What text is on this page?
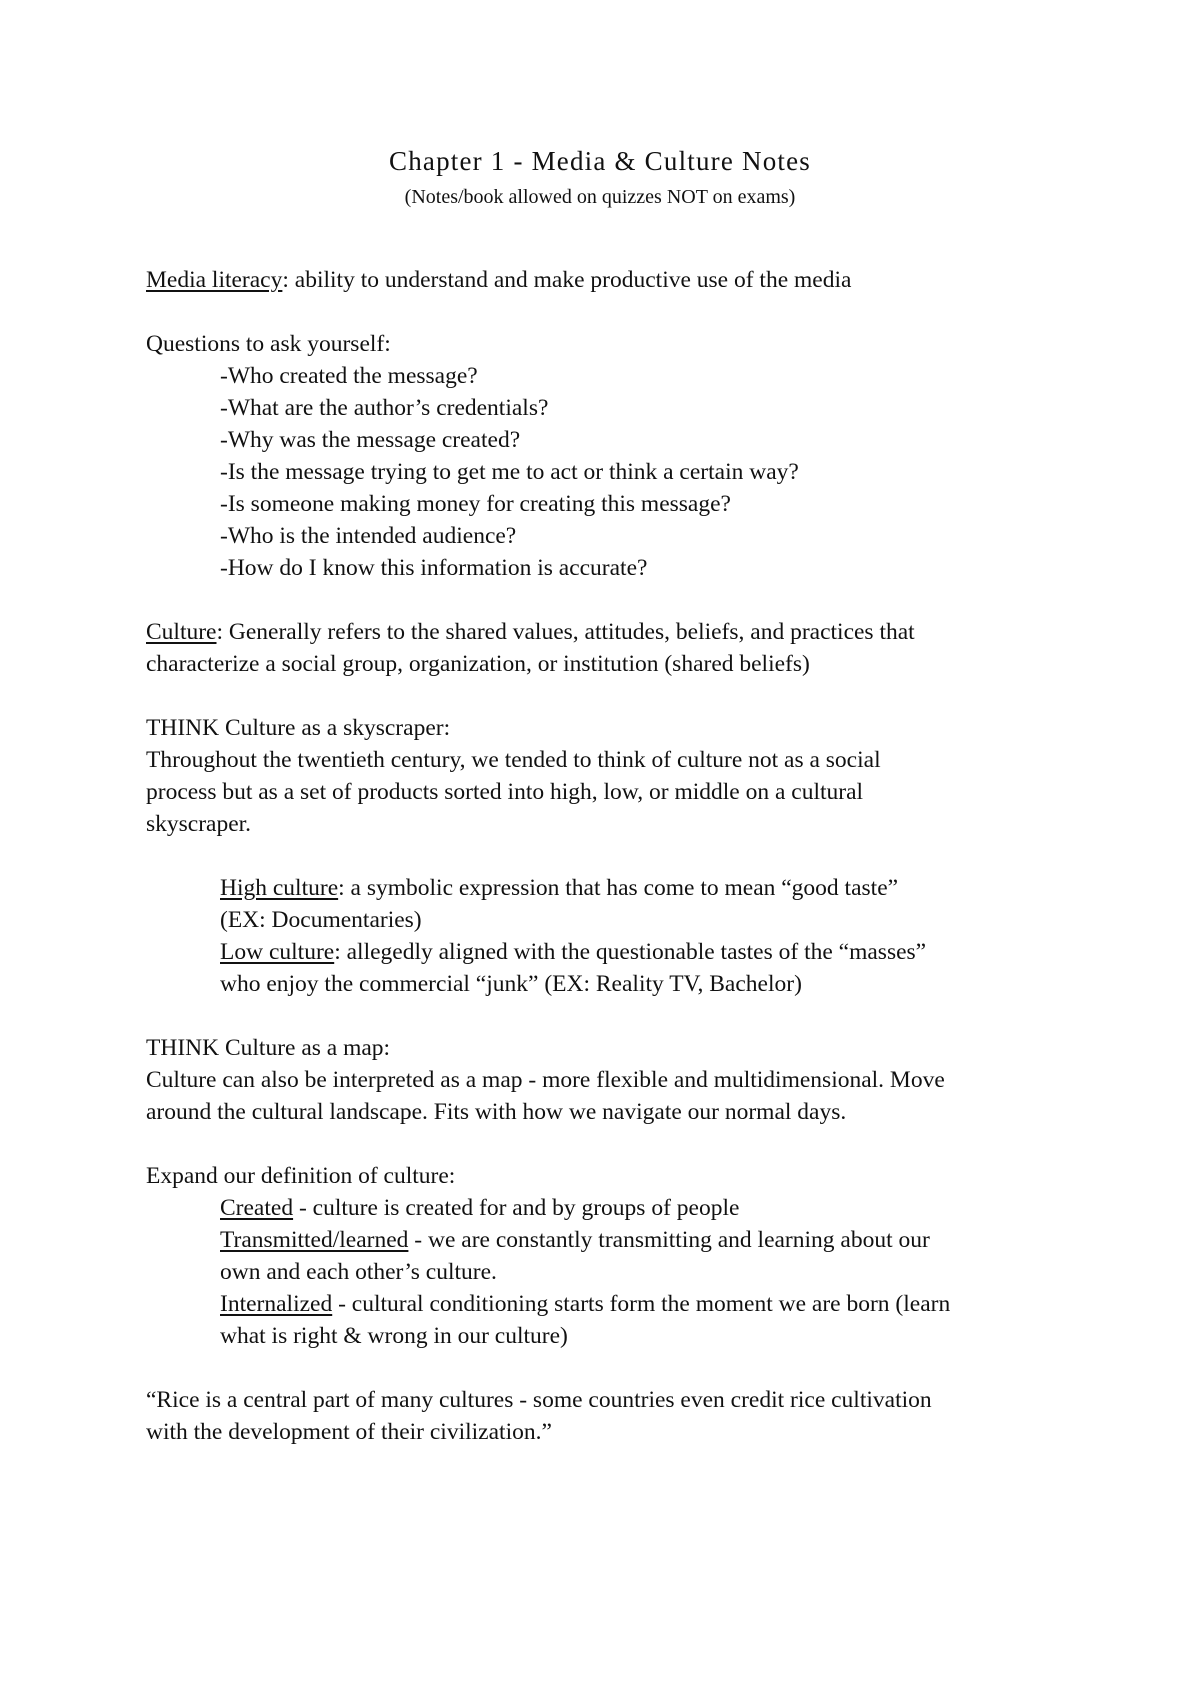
Chapter 1 - Media & Culture Notes
(Notes/book allowed on quizzes NOT on exams)

Media literacy: ability to understand and make productive use of the media

Questions to ask yourself:

-Who created the message?

-What are the author’s credentials?

-Why was the message created?

-Is the message trying to get me to act or think a certain way?

-Is someone making money for creating this message?

-Who is the intended audience?

-How do I know this information is accurate?

Culture: Generally refers to the shared values, attitudes, beliefs, and practices that

characterize a social group, organization, or institution (shared beliefs)

THINK Culture as a skyscraper:

Throughout the twentieth century, we tended to think of culture not as a social

process but as a set of products sorted into high, low, or middle on a cultural

skyscraper.

High culture: a symbolic expression that has come to mean “good taste”

(EX: Documentaries)

Low culture: allegedly aligned with the questionable tastes of the “masses”

who enjoy the commercial “junk” (EX: Reality TV, Bachelor)

THINK Culture as a map:

Culture can also be interpreted as a map - more flexible and multidimensional. Move

around the cultural landscape. Fits with how we navigate our normal days.

Expand our definition of culture:

Created - culture is created for and by groups of people

Transmitted/learned - we are constantly transmitting and learning about our

own and each other’s culture.

Internalized - cultural conditioning starts form the moment we are born (learn

what is right & wrong in our culture)

“Rice is a central part of many cultures - some countries even credit rice cultivation

with the development of their civilization.”
